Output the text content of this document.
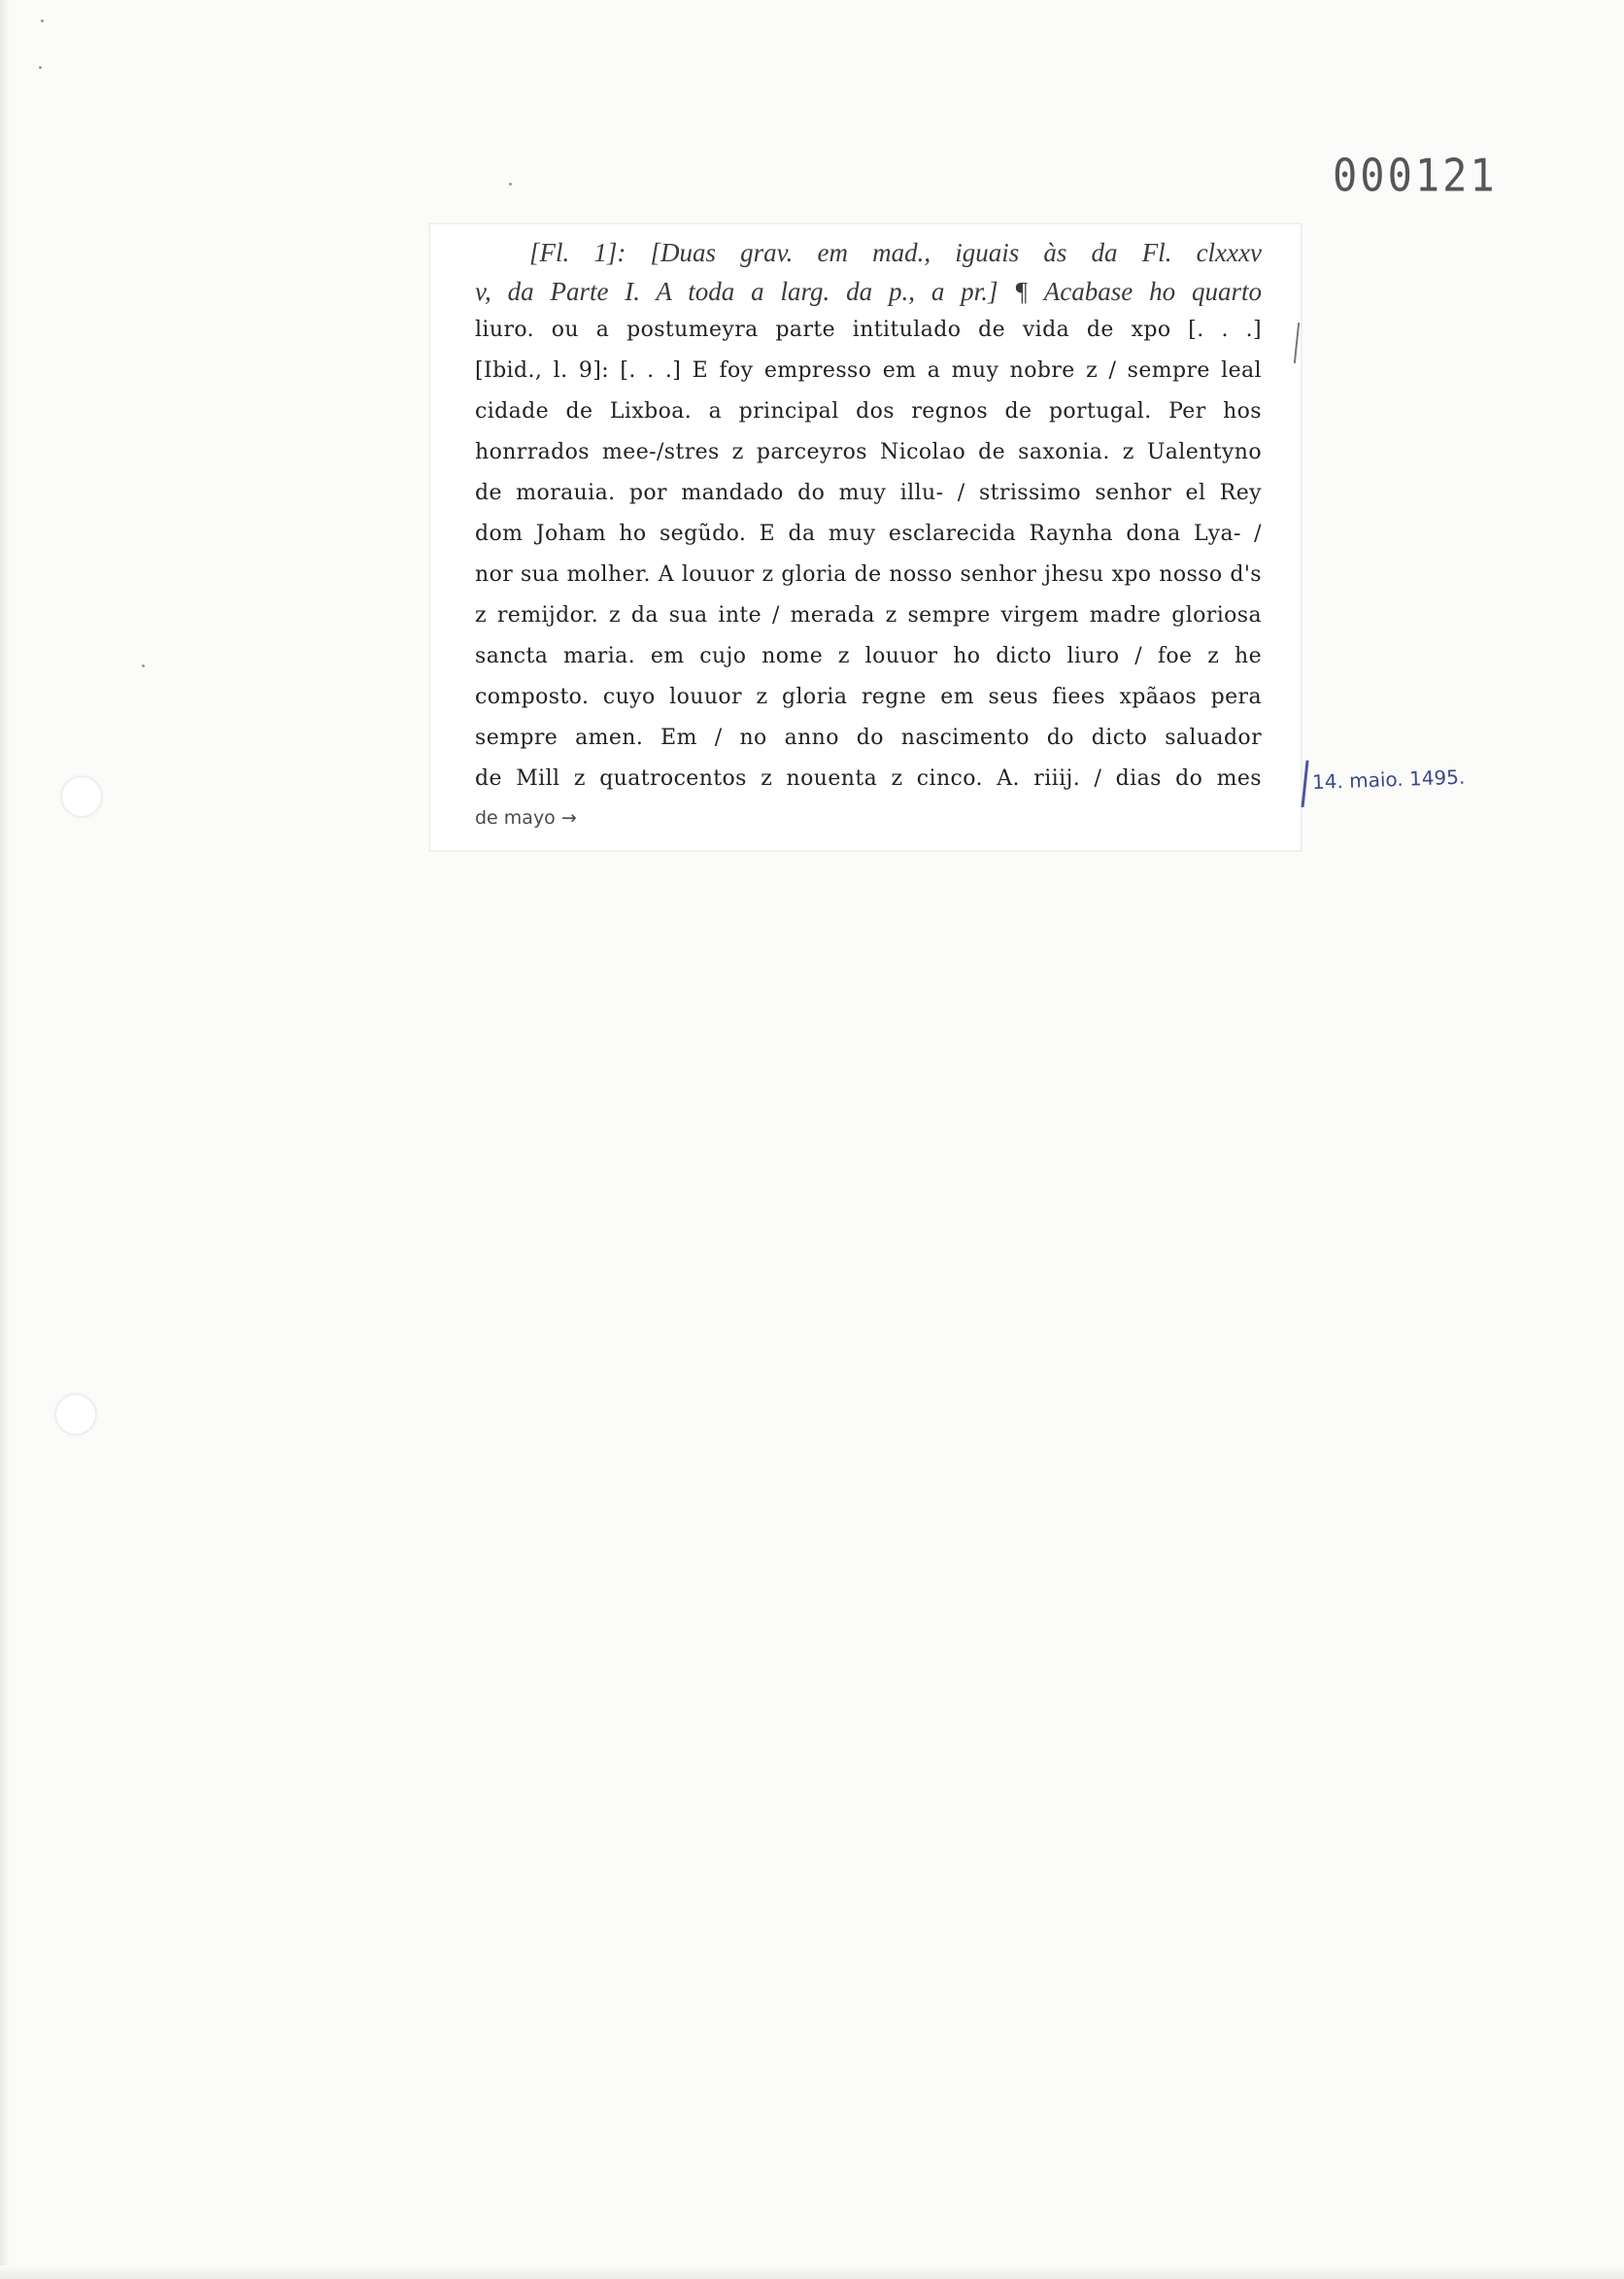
000121
[Fl. 1]: [Duas grav. em mad., iguais às da Fl. clxxxv
v, da Parte I. A toda a larg. da p., a pr.] ¶ Acabase ho quarto
liuro. ou a postumeyra parte intitulado de vida de xpo [. . .]
[Ibid., l. 9]: [. . .] E foy empresso em a muy nobre z / sempre leal
cidade de Lixboa. a principal dos regnos de portugal. Per hos
honrrados mee-/stres z parceyros Nicolao de saxonia. z Ualentyno
de morauia. por mandado do muy illu- / strissimo senhor el Rey
dom Joham ho segũdo. E da muy esclarecida Raynha dona Lya- /
nor sua molher. A louuor z gloria de nosso senhor jhesu xpo nosso d's
z remijdor. z da sua inte / merada z sempre virgem madre gloriosa
sancta maria. em cujo nome z louuor ho dicto liuro / foe z he
composto. cuyo louuor z gloria regne em seus fiees xpãaos pera
sempre amen. Em / no anno do nascimento do dicto saluador
de Mill z quatrocentos z nouenta z cinco. A. riiij. / dias do mes
de mayo →
14. maio. 1495.
